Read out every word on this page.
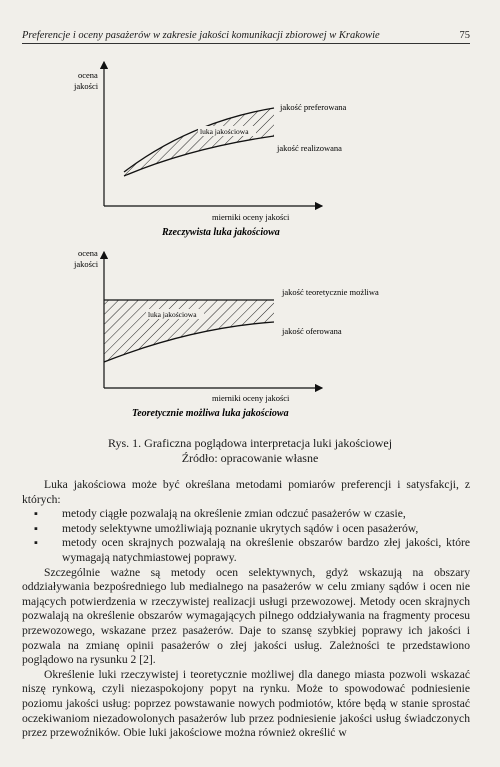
Preferencje i oceny pasażerów w zakresie jakości komunikacji zbiorowej w Krakowie	75
luka jakościowa
ocena
jakości
jakość preferowana
jakość realizowana
mierniki oceny jakości
Rzeczywista luka jakościowa
luka jakościowa
ocena
jakości
jakość teoretycznie możliwa
jakość oferowana
mierniki oceny jakości
Teoretycznie możliwa luka jakościowa
Rys. 1. Graficzna poglądowa interpretacja luki jakościowej
Źródło: opracowanie własne

Luka jakościowa może być określana metodami pomiarów preferencji i satysfakcji, z których:

▪ metody ciągłe pozwalają na określenie zmian odczuć pasażerów w czasie,
▪ metody selektywne umożliwiają poznanie ukrytych sądów i ocen pasażerów,
▪ metody ocen skrajnych pozwalają na określenie obszarów bardzo złej jakości, które wymagają natychmiastowej poprawy.

Szczególnie ważne są metody ocen selektywnych, gdyż wskazują na obszary oddziaływania bezpośredniego lub medialnego na pasażerów w celu zmiany sądów i ocen nie mających potwierdzenia w rzeczywistej realizacji usługi przewozowej. Metody ocen skrajnych pozwalają na określenie obszarów wymagających pilnego oddziaływania na fragmenty procesu przewozowego, wskazane przez pasażerów. Daje to szansę szybkiej poprawy ich jakości i pozwala na zmianę opinii pasażerów o złej jakości usług. Zależności te przedstawiono poglądowo na rysunku 2 [2].

Określenie luki rzeczywistej i teoretycznie możliwej dla danego miasta pozwoli wskazać niszę rynkową, czyli niezaspokojony popyt na rynku. Może to spowodować podniesienie poziomu jakości usług: poprzez powstawanie nowych podmiotów, które będą w stanie sprostać oczekiwaniom niezadowolonych pasażerów lub przez podniesienie jakości usług świadczonych przez przewoźników. Obie luki jakościowe można również określić w
